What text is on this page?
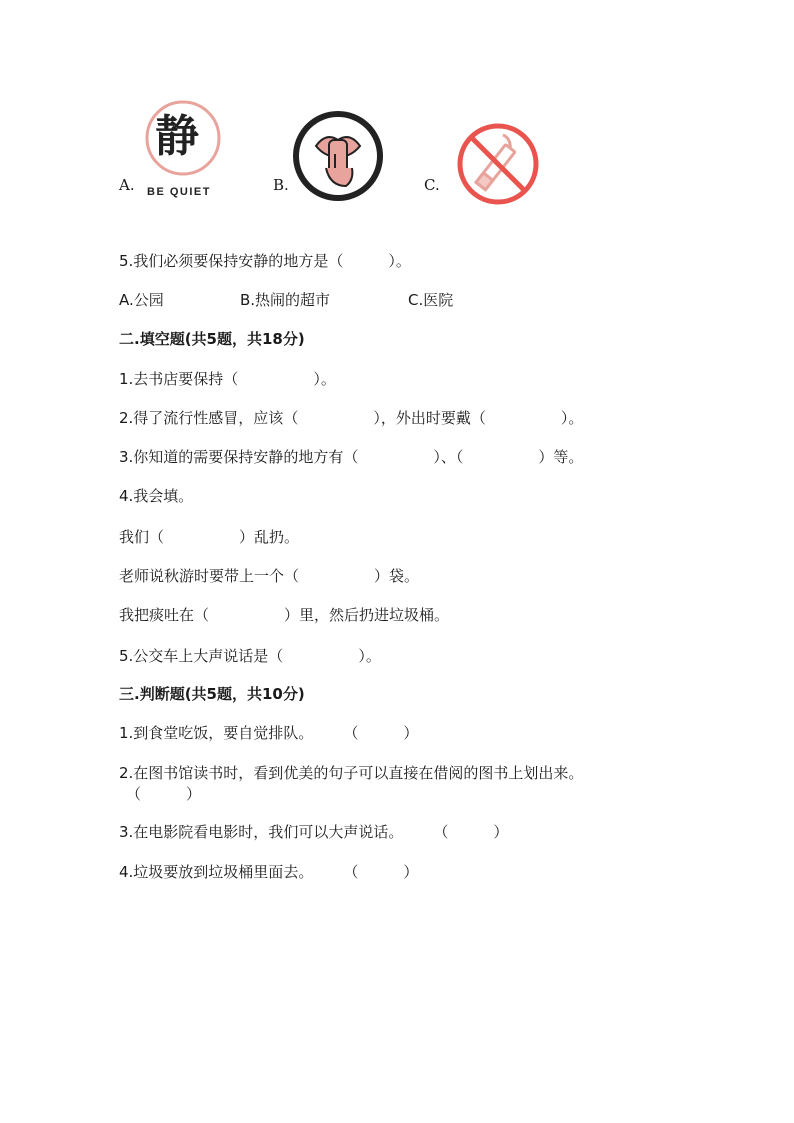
A.
静
BE QUIET	B.	C.
5.我们必须要保持安静的地方是（　　　）。
A.公园	B.热闹的超市	C.医院
二.填空题(共5题，共18分)
1.去书店要保持（　　　　　）。
2.得了流行性感冒，应该（　　　　　），外出时要戴（　　　　　）。
3.你知道的需要保持安静的地方有（　　　　　）、（　　　　　）等。
4.我会填。
我们（　　　　　）乱扔。
老师说秋游时要带上一个（　　　　　）袋。
我把痰吐在（　　　　　）里，然后扔进垃圾桶。
5.公交车上大声说话是（　　　　　）。
三.判断题(共5题，共10分)
1.到食堂吃饭，要自觉排队。　　　（　　　）
2.在图书馆读书时，看到优美的句子可以直接在借阅的图书上划出来。
（　　　）
3.在电影院看电影时，我们可以大声说话。　　　（　　　）
4.垃圾要放到垃圾桶里面去。　　　（　　　）
